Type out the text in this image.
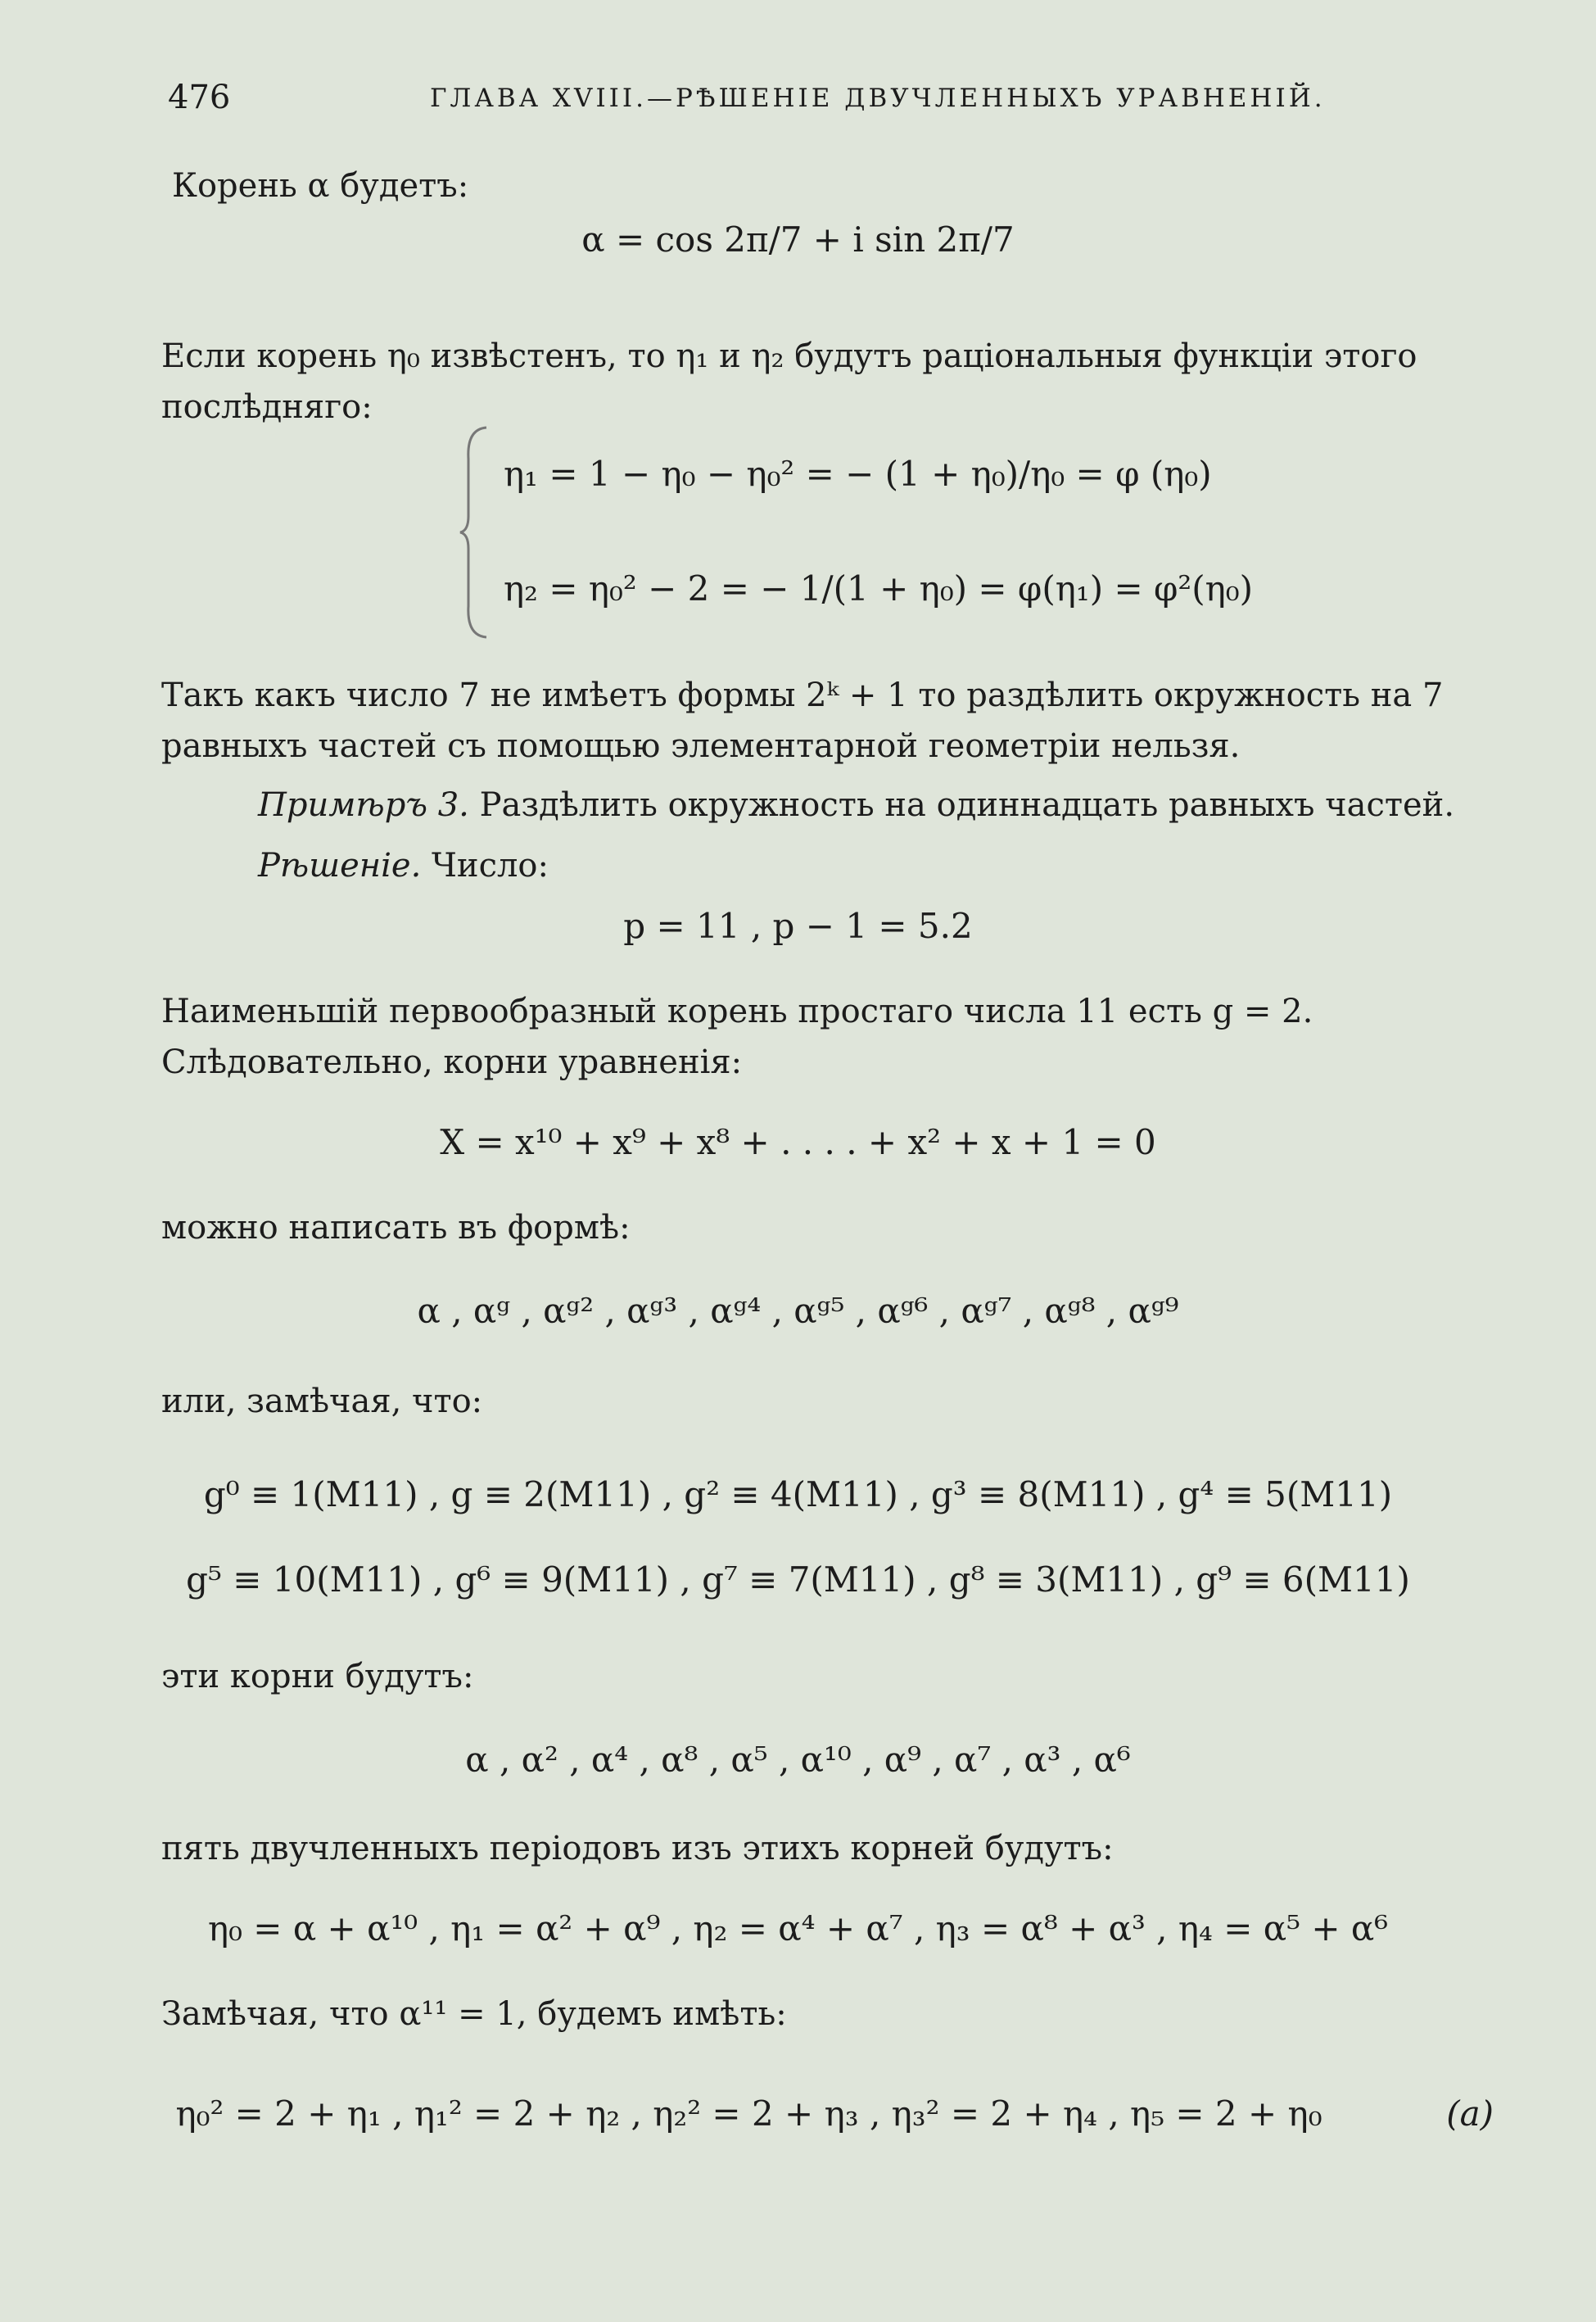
476	ГЛАВА XVIII.—РѢШЕНІЕ ДВУЧЛЕННЫХЪ УРАВНЕНІЙ.
Корень α будетъ:
α = cos 2π/7 + i sin 2π/7
Если корень η₀ извѣстенъ, то η₁ и η₂ будутъ раціональныя функціи этого послѣдняго:
η₁ = 1 − η₀ − η₀² = − (1 + η₀)/η₀ = φ (η₀)
η₂ = η₀² − 2 = − 1/(1 + η₀) = φ(η₁) = φ²(η₀)
Такъ какъ число 7 не имѣетъ формы 2ᵏ + 1 то раздѣлить окружность на 7 равныхъ частей съ помощью элементарной геометріи нельзя.
Примѣръ 3. Раздѣлить окружность на одиннадцать равныхъ частей.
Рѣшеніе. Число:
p = 11 , p − 1 = 5.2
Наименьшій первообразный корень простаго числа 11 есть g = 2. Слѣдовательно, корни уравненія:
X = x¹⁰ + x⁹ + x⁸ + . . . . + x² + x + 1 = 0
можно написать въ формѣ:
α , αᵍ , αᵍ² , αᵍ³ , αᵍ⁴ , αᵍ⁵ , αᵍ⁶ , αᵍ⁷ , αᵍ⁸ , αᵍ⁹
или, замѣчая, что:
g⁰ ≡ 1(M11) , g ≡ 2(M11) , g² ≡ 4(M11) , g³ ≡ 8(M11) , g⁴ ≡ 5(M11)
g⁵ ≡ 10(M11) , g⁶ ≡ 9(M11) , g⁷ ≡ 7(M11) , g⁸ ≡ 3(M11) , g⁹ ≡ 6(M11)
эти корни будутъ:
α , α² , α⁴ , α⁸ , α⁵ , α¹⁰ , α⁹ , α⁷ , α³ , α⁶
пять двучленныхъ періодовъ изъ этихъ корней будутъ:
η₀ = α + α¹⁰ , η₁ = α² + α⁹ , η₂ = α⁴ + α⁷ , η₃ = α⁸ + α³ , η₄ = α⁵ + α⁶
Замѣчая, что α¹¹ = 1, будемъ имѣть:
η₀² = 2 + η₁ , η₁² = 2 + η₂ , η₂² = 2 + η₃ , η₃² = 2 + η₄ , η₅ = 2 + η₀	(a)
